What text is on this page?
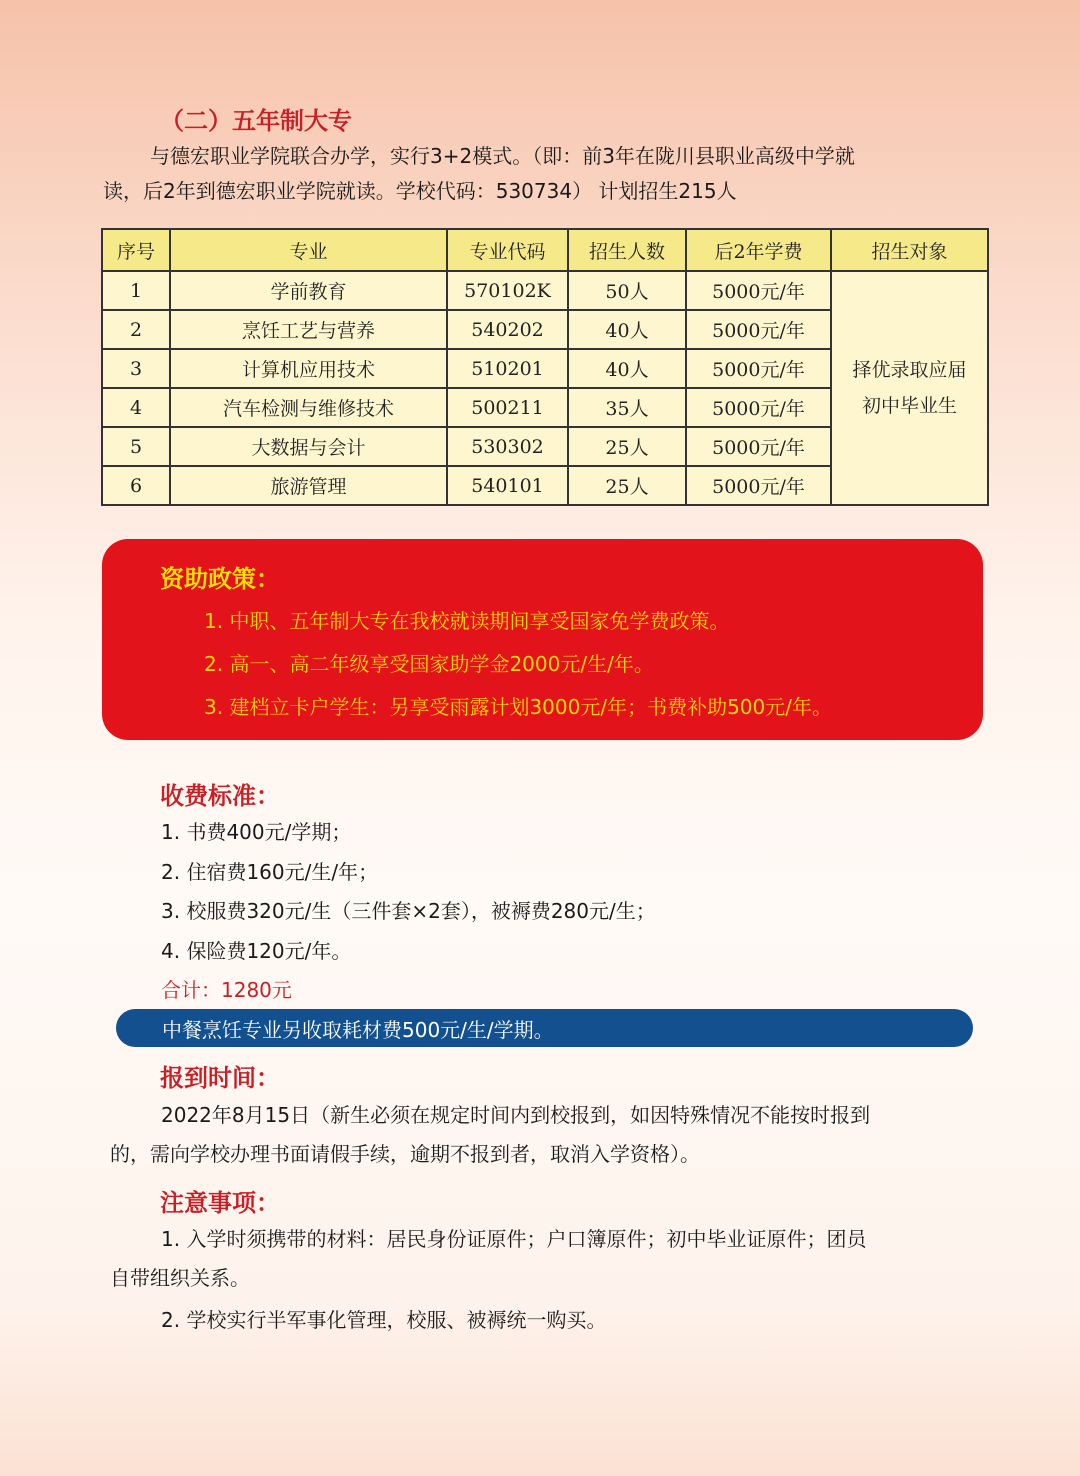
（二）五年制大专
与德宏职业学院联合办学，实行3+2模式。（即：前3年在陇川县职业高级中学就
读，后2年到德宏职业学院就读。学校代码：530734） 计划招生215人
序号	专业	专业代码	招生人数	后2年学费	招生对象
1	学前教育	570102K	50人	5000元/年	择优录取应届
初中毕业生

2	烹饪工艺与营养	540202	40人	5000元/年	
3	计算机应用技术	510201	40人	5000元/年	
4	汽车检测与维修技术	500211	35人	5000元/年	
5	大数据与会计	530302	25人	5000元/年	
6	旅游管理	540101	25人	5000元/年	
资助政策：
1. 中职、五年制大专在我校就读期间享受国家免学费政策。
2. 高一、高二年级享受国家助学金2000元/生/年。
3. 建档立卡户学生：另享受雨露计划3000元/年；书费补助500元/年。
收费标准：
1. 书费400元/学期；
2. 住宿费160元/生/年；
3. 校服费320元/生（三件套×2套），被褥费280元/生；
4. 保险费120元/年。
合计：1280元
中餐烹饪专业另收取耗材费500元/生/学期。
报到时间：
2022年8月15日（新生必须在规定时间内到校报到，如因特殊情况不能按时报到
的，需向学校办理书面请假手续，逾期不报到者，取消入学资格）。
注意事项：
1. 入学时须携带的材料：居民身份证原件；户口簿原件；初中毕业证原件；团员
自带组织关系。
2. 学校实行半军事化管理，校服、被褥统一购买。
